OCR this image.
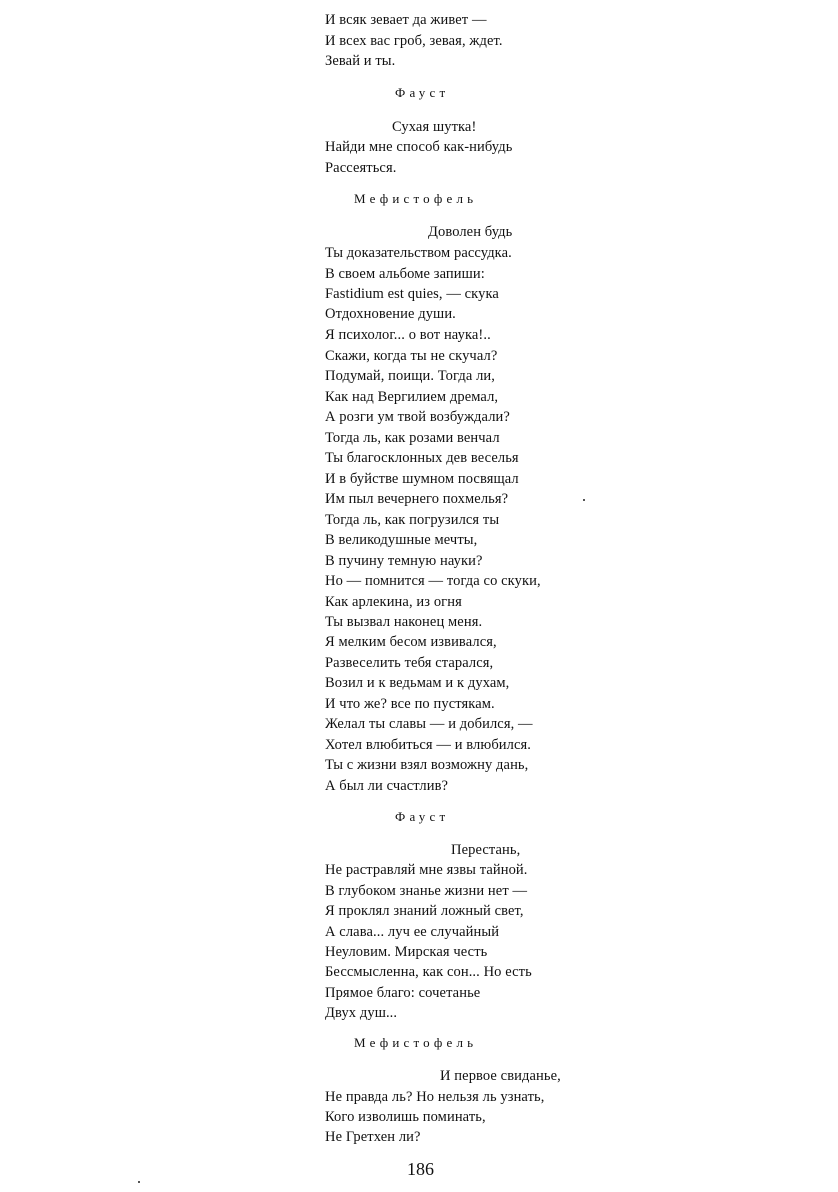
И всяк зевает да живет —
И всех вас гроб, зевая, ждет.
Зевай и ты.
Фауст
Сухая шутка!
Найди мне способ как-нибудь
Рассеяться.
Мефистофель
Доволен будь
Ты доказательством рассудка.
В своем альбоме запиши:
Fastidium est quies, — скука
Отдохновение души.
Я психолог... о вот наука!..
Скажи, когда ты не скучал?
Подумай, поищи. Тогда ли,
Как над Вергилием дремал,
А розги ум твой возбуждали?
Тогда ль, как розами венчал
Ты благосклонных дев веселья
И в буйстве шумном посвящал
Им пыл вечернего похмелья?
Тогда ль, как погрузился ты
В великодушные мечты,
В пучину темную науки?
Но — помнится — тогда со скуки,
Как арлекина, из огня
Ты вызвал наконец меня.
Я мелким бесом извивался,
Развеселить тебя старался,
Возил и к ведьмам и к духам,
И что же? все по пустякам.
Желал ты славы — и добился, —
Хотел влюбиться — и влюбился.
Ты с жизни взял возможну дань,
А был ли счастлив?
Фауст
Перестань,
Не растравляй мне язвы тайной.
В глубоком знанье жизни нет —
Я проклял знаний ложный свет,
А слава... луч ее случайный
Неуловим. Мирская честь
Бессмысленна, как сон... Но есть
Прямое благо: сочетанье
Двух душ...
Мефистофель
И первое свиданье,
Не правда ль? Но нельзя ль узнать,
Кого изволишь поминать,
Не Гретхен ли?
186
